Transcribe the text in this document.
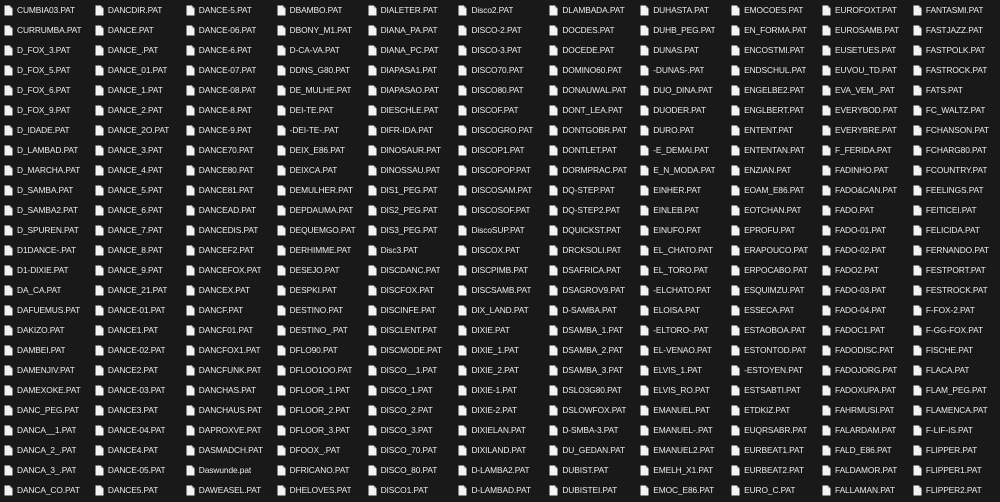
CUMBIA03.PAT
CURRUMBA.PAT
D_FOX_3.PAT
D_FOX_5.PAT
D_FOX_6.PAT
D_FOX_9.PAT
D_IDADE.PAT
D_LAMBAD.PAT
D_MARCHA.PAT
D_SAMBA.PAT
D_SAMBA2.PAT
D_SPUREN.PAT
D1DANCE-.PAT
D1-DIXIE.PAT
DA_CA.PAT
DAFUEMUS.PAT
DAKIZO.PAT
DAMBEI.PAT
DAMENJIV.PAT
DAMEXOKE.PAT
DANC_PEG.PAT
DANCA__1.PAT
DANCA_2_.PAT
DANCA_3_.PAT
DANCA_CO.PAT
DANCDIR.PAT
DANCE.PAT
DANCE_.PAT
DANCE_01.PAT
DANCE_1.PAT
DANCE_2.PAT
DANCE_2O.PAT
DANCE_3.PAT
DANCE_4.PAT
DANCE_5.PAT
DANCE_6.PAT
DANCE_7.PAT
DANCE_8.PAT
DANCE_9.PAT
DANCE_21.PAT
DANCE-01.PAT
DANCE1.PAT
DANCE-02.PAT
DANCE2.PAT
DANCE-03.PAT
DANCE3.PAT
DANCE-04.PAT
DANCE4.PAT
DANCE-05.PAT
DANCE5.PAT
DANCE-5.PAT
DANCE-06.PAT
DANCE-6.PAT
DANCE-07.PAT
DANCE-08.PAT
DANCE-8.PAT
DANCE-9.PAT
DANCE70.PAT
DANCE80.PAT
DANCE81.PAT
DANCEAD.PAT
DANCEDIS.PAT
DANCEF2.PAT
DANCEFOX.PAT
DANCEX.PAT
DANCF.PAT
DANCF01.PAT
DANCFOX1.PAT
DANCFUNK.PAT
DANCHAS.PAT
DANCHAUS.PAT
DAPROXVE.PAT
DASMADCH.PAT
Daswunde.pat
DAWEASEL.PAT
DBAMBO.PAT
DBONY_M1.PAT
D-CA-VA.PAT
DDNS_G80.PAT
DE_MULHE.PAT
DEI-TE.PAT
-DEI-TE-.PAT
DEIX_E86.PAT
DEIXCA.PAT
DEMULHER.PAT
DEPDAUMA.PAT
DEQUEMGO.PAT
DERHIMME.PAT
DESEJO.PAT
DESPKI.PAT
DESTINO.PAT
DESTINO_.PAT
DFLO90.PAT
DFLOO1OO.PAT
DFLOOR_1.PAT
DFLOOR_2.PAT
DFLOOR_3.PAT
DFOOX_.PAT
DFRICANO.PAT
DHELOVES.PAT
DIALETER.PAT
DIANA_PA.PAT
DIANA_PC.PAT
DIAPASA1.PAT
DIAPASAO.PAT
DIESCHLE.PAT
DIFR-IDA.PAT
DINOSAUR.PAT
DINOSSAU.PAT
DIS1_PEG.PAT
DIS2_PEG.PAT
DIS3_PEG.PAT
Disc3.PAT
DISCDANC.PAT
DISCFOX.PAT
DISCINFE.PAT
DISCLENT.PAT
DISCMODE.PAT
DISCO__1.PAT
DISCO_1.PAT
DISCO_2.PAT
DISCO_3.PAT
DISCO_70.PAT
DISCO_80.PAT
DISCO1.PAT
Disco2.PAT
DISCO-2.PAT
DISCO-3.PAT
DISCO70.PAT
DISCO80.PAT
DISCOF.PAT
DISCOGRO.PAT
DISCOP1.PAT
DISCOPOP.PAT
DISCOSAM.PAT
DISCOSOF.PAT
DiscoSUP.PAT
DISCOX.PAT
DISCPIMB.PAT
DISCSAMB.PAT
DIX_LAND.PAT
DIXIE.PAT
DIXIE_1.PAT
DIXIE_2.PAT
DIXIE-1.PAT
DIXIE-2.PAT
DIXIELAN.PAT
DIXILAND.PAT
D-LAMBA2.PAT
D-LAMBAD.PAT
DLAMBADA.PAT
DOCDES.PAT
DOCEDE.PAT
DOMINO60.PAT
DONAUWAL.PAT
DONT_LEA.PAT
DONTGOBR.PAT
DONTLET.PAT
DORMPRAC.PAT
DQ-STEP.PAT
DQ-STEP2.PAT
DQUICKST.PAT
DRCKSOLI.PAT
DSAFRICA.PAT
DSAGROV9.PAT
D-SAMBA.PAT
DSAMBA_1.PAT
DSAMBA_2.PAT
DSAMBA_3.PAT
DSLO3G80.PAT
DSLOWFOX.PAT
D-SMBA-3.PAT
DU_GEDAN.PAT
DUBIST.PAT
DUBISTEI.PAT
DUHASTA.PAT
DUHB_PEG.PAT
DUNAS.PAT
-DUNAS-.PAT
DUO_DINA.PAT
DUODER.PAT
DURO.PAT
-E_DEMAI.PAT
E_N_MODA.PAT
EINHER.PAT
EINLEB.PAT
EINUFO.PAT
EL_CHATO.PAT
EL_TORO.PAT
-ELCHATO.PAT
ELOISA.PAT
-ELTORO-.PAT
EL-VENAO.PAT
ELVIS_1.PAT
ELVIS_RO.PAT
EMANUEL.PAT
EMANUEL-.PAT
EMANUEL2.PAT
EMELH_X1.PAT
EMOC_E86.PAT
EMOCOES.PAT
EN_FORMA.PAT
ENCOSTMI.PAT
ENDSCHUL.PAT
ENGELBE2.PAT
ENGLBERT.PAT
ENTENT.PAT
ENTENTAN.PAT
ENZIAN.PAT
EOAM_E86.PAT
EOTCHAN.PAT
EPROFU.PAT
ERAPOUCO.PAT
ERPOCABO.PAT
ESQUIMZU.PAT
ESSECA.PAT
ESTAOBOA.PAT
ESTONTOD.PAT
-ESTOYEN.PAT
ESTSABTI.PAT
ETDKIZ.PAT
EUQRSABR.PAT
EURBEAT1.PAT
EURBEAT2.PAT
EURO_C.PAT
EUROFOXT.PAT
EUROSAMB.PAT
EUSETUES.PAT
EUVOU_TD.PAT
EVA_VEM_.PAT
EVERYBOD.PAT
EVERYBRE.PAT
F_FERIDA.PAT
FADINHO.PAT
FADO&CAN.PAT
FADO.PAT
FADO-01.PAT
FADO-02.PAT
FADO2.PAT
FADO-03.PAT
FADO-04.PAT
FADOC1.PAT
FADODISC.PAT
FADOJORG.PAT
FADOXUPA.PAT
FAHRMUSI.PAT
FALARDAM.PAT
FALD_E86.PAT
FALDAMOR.PAT
FALLAMAN.PAT
FANTASMI.PAT
FASTJAZZ.PAT
FASTPOLK.PAT
FASTROCK.PAT
FATS.PAT
FC_WALTZ.PAT
FCHANSON.PAT
FCHARG80.PAT
FCOUNTRY.PAT
FEELINGS.PAT
FEITICEI.PAT
FELICIDA.PAT
FERNANDO.PAT
FESTPORT.PAT
FESTROCK.PAT
F-FOX-2.PAT
F-GG-FOX.PAT
FISCHE.PAT
FLACA.PAT
FLAM_PEG.PAT
FLAMENCA.PAT
F-LIF-IS.PAT
FLIPPER.PAT
FLIPPER1.PAT
FLIPPER2.PAT
